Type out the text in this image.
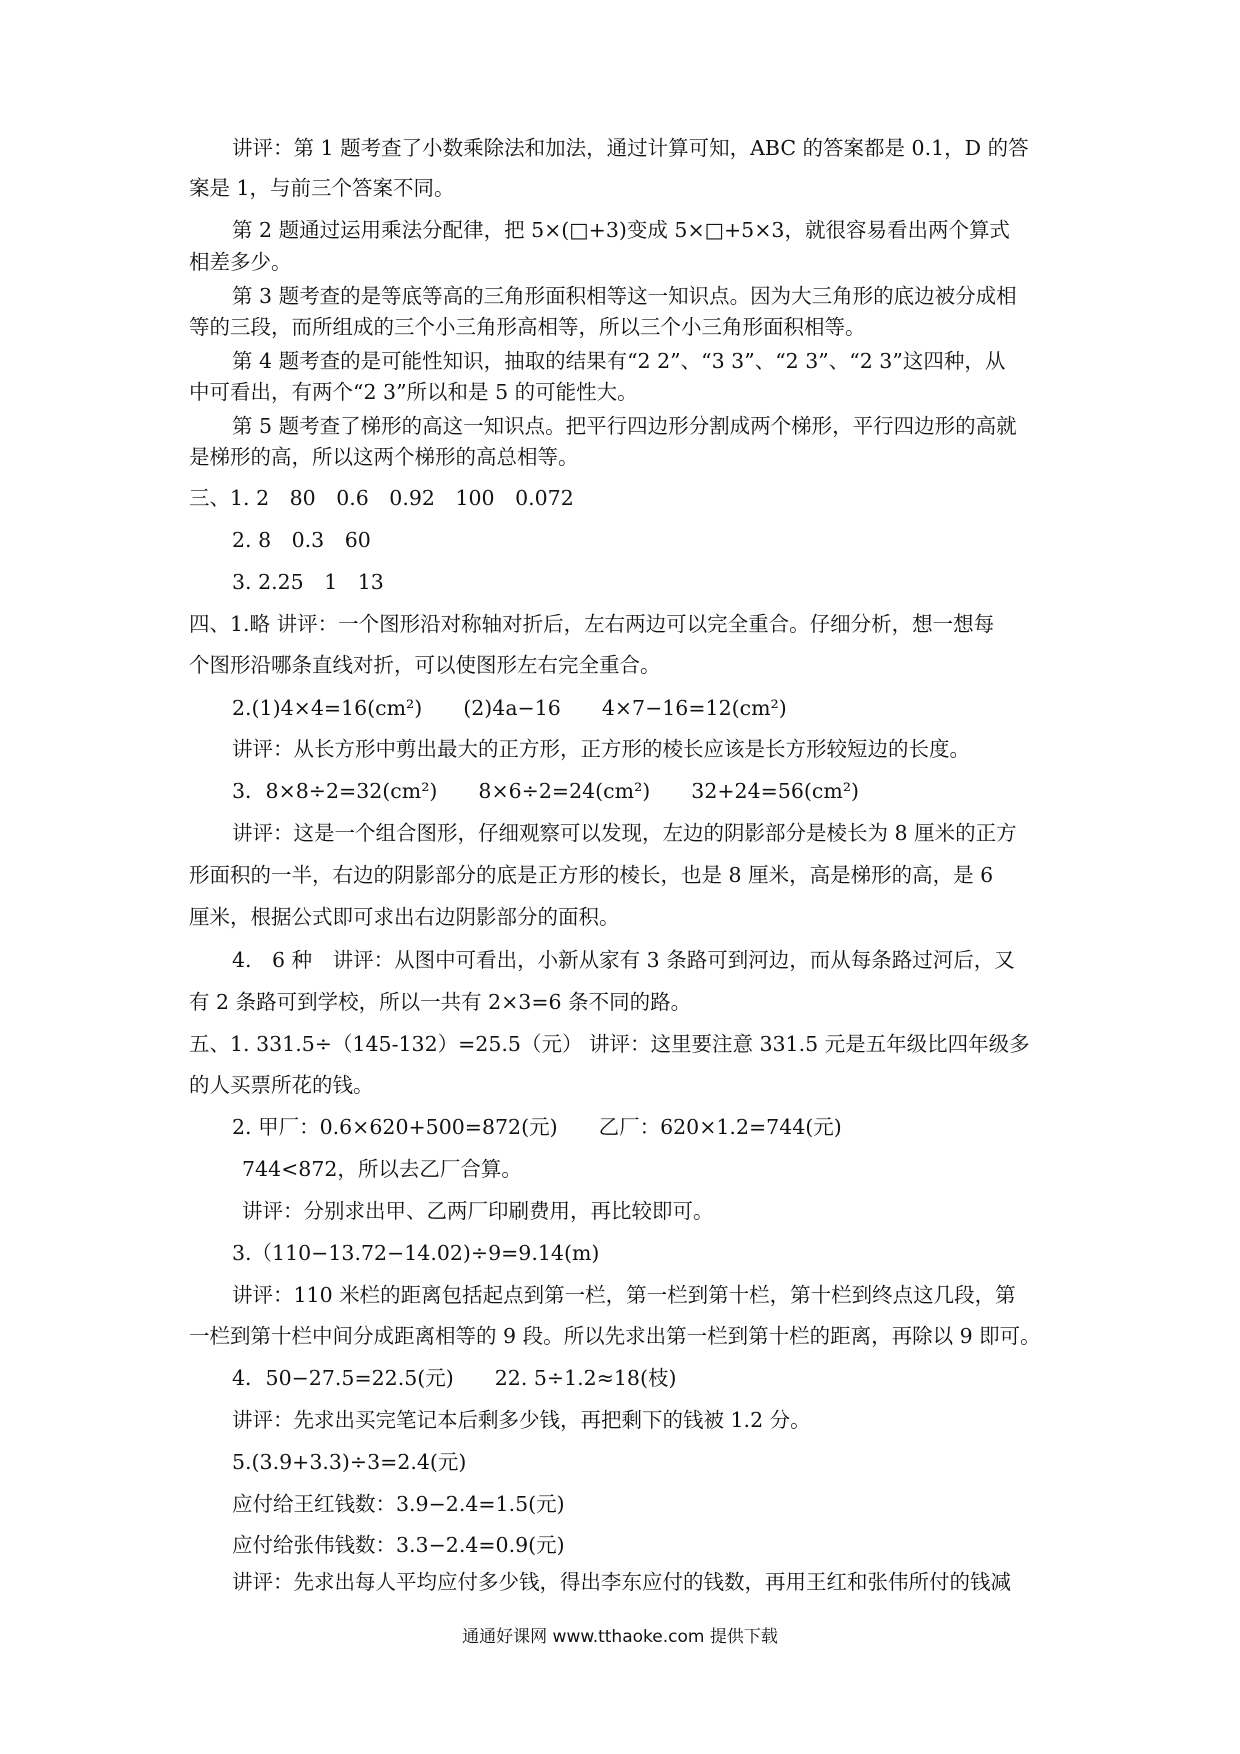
讲评：第 1 题考查了小数乘除法和加法，通过计算可知，ABC 的答案都是 0.1，D 的答
案是 1，与前三个答案不同。
第 2 题通过运用乘法分配律，把 5×(□+3)变成 5×□+5×3，就很容易看出两个算式
相差多少。
第 3 题考查的是等底等高的三角形面积相等这一知识点。因为大三角形的底边被分成相
等的三段，而所组成的三个小三角形高相等，所以三个小三角形面积相等。
第 4 题考查的是可能性知识，抽取的结果有“2 2”、“3 3”、“2 3”、“2 3”这四种，从
中可看出，有两个“2 3”所以和是 5 的可能性大。
第 5 题考查了梯形的高这一知识点。把平行四边形分割成两个梯形，平行四边形的高就
是梯形的高，所以这两个梯形的高总相等。
三、1. 2　80　0.6　0.92　100　0.072
2. 8　0.3　60
3. 2.25　1　13
四、1.略 讲评：一个图形沿对称轴对折后，左右两边可以完全重合。仔细分析，想一想每
个图形沿哪条直线对折，可以使图形左右完全重合。
2.(1)4×4=16(cm²)　　(2)4a−16　　4×7−16=12(cm²)
讲评：从长方形中剪出最大的正方形，正方形的棱长应该是长方形较短边的长度。
3．8×8÷2=32(cm²)　　8×6÷2=24(cm²)　　32+24=56(cm²)
讲评：这是一个组合图形，仔细观察可以发现，左边的阴影部分是棱长为 8 厘米的正方
形面积的一半，右边的阴影部分的底是正方形的棱长，也是 8 厘米，高是梯形的高，是 6
厘米，根据公式即可求出右边阴影部分的面积。
4.　6 种　讲评：从图中可看出，小新从家有 3 条路可到河边，而从每条路过河后，又
有 2 条路可到学校，所以一共有 2×3=6 条不同的路。
五、1. 331.5÷（145-132）=25.5（元） 讲评：这里要注意 331.5 元是五年级比四年级多
的人买票所花的钱。
2. 甲厂：0.6×620+500=872(元)　　乙厂：620×1.2=744(元)
744<872，所以去乙厂合算。
讲评：分别求出甲、乙两厂印刷费用，再比较即可。
3.（110−13.72−14.02)÷9=9.14(m)
讲评：110 米栏的距离包括起点到第一栏，第一栏到第十栏，第十栏到终点这几段，第
一栏到第十栏中间分成距离相等的 9 段。所以先求出第一栏到第十栏的距离，再除以 9 即可。
4．50−27.5=22.5(元)　　22. 5÷1.2≈18(枝)
讲评：先求出买完笔记本后剩多少钱，再把剩下的钱被 1.2 分。
5.(3.9+3.3)÷3=2.4(元)
应付给王红钱数：3.9−2.4=1.5(元)
应付给张伟钱数：3.3−2.4=0.9(元)
讲评：先求出每人平均应付多少钱，得出李东应付的钱数，再用王红和张伟所付的钱减
通通好课网 www.tthaoke.com 提供下载
